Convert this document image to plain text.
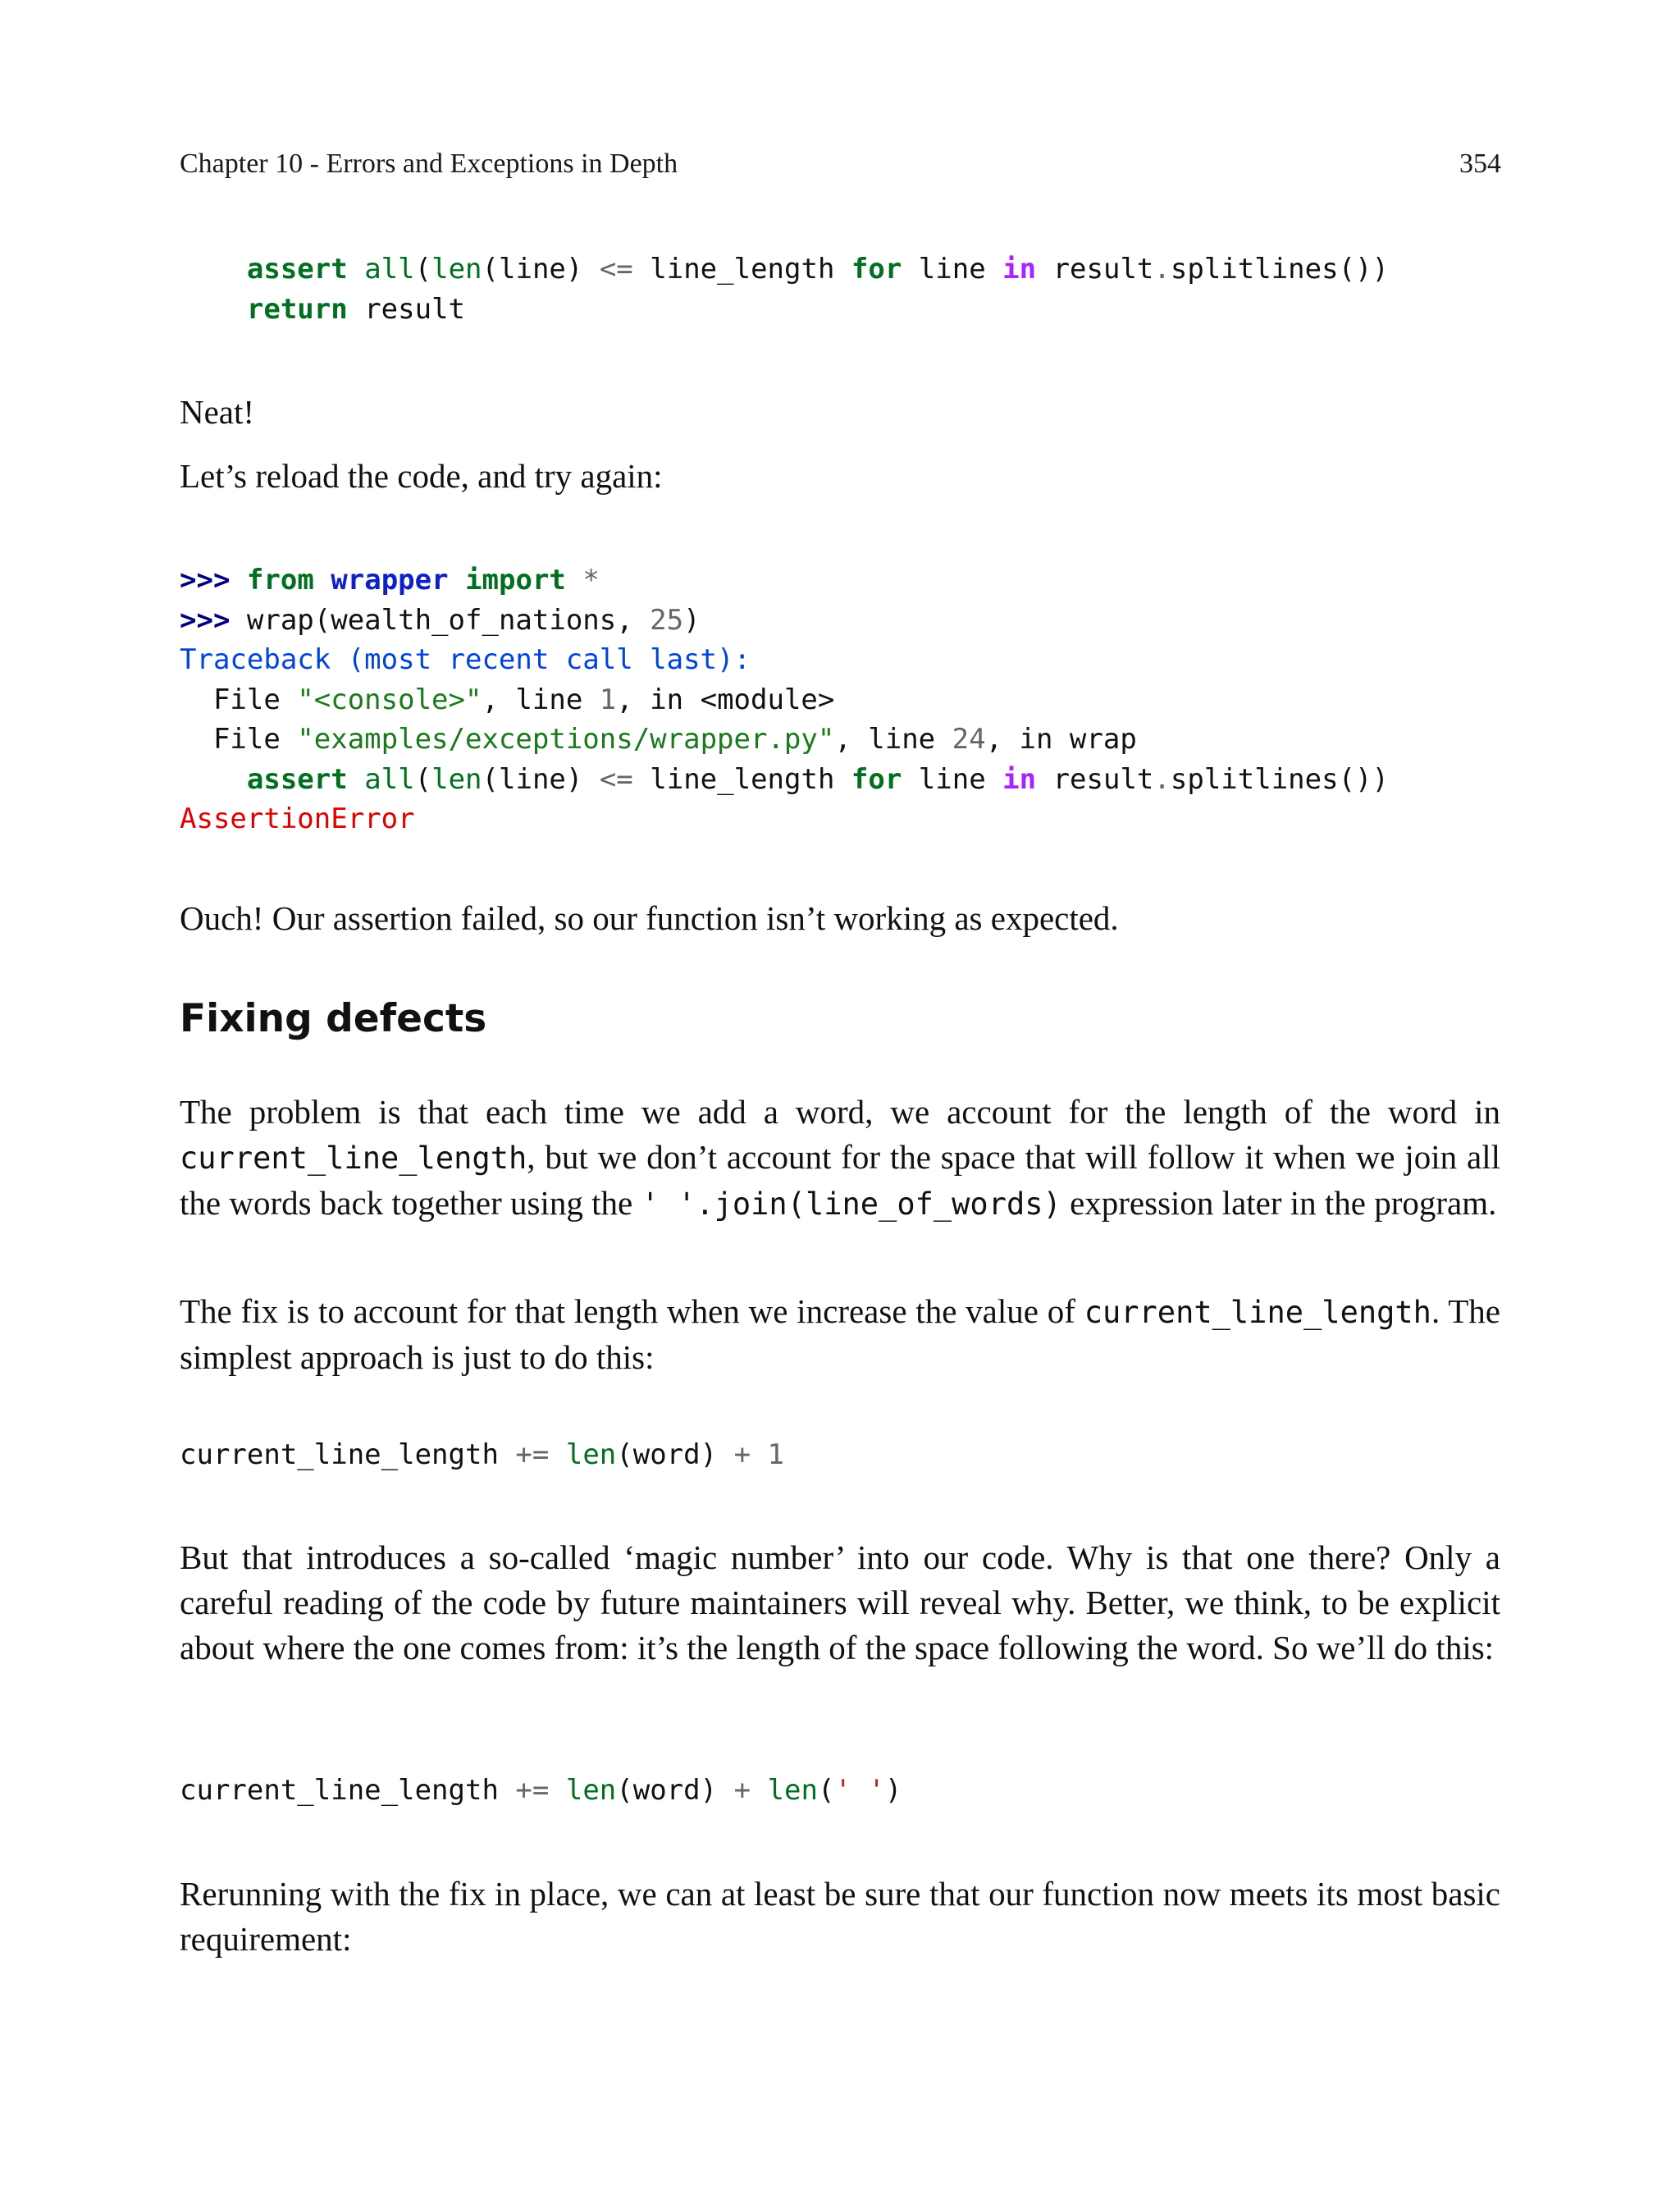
Chapter 10 - Errors and Exceptions in Depth	354
assert all(len(line) <= line_length for line in result.splitlines())
return result

Neat!

Let’s reload the code, and try again:

>>> from wrapper import *
>>> wrap(wealth_of_nations, 25)
Traceback (most recent call last):
File "<console>", line 1, in <module>
File "examples/exceptions/wrapper.py", line 24, in wrap
assert all(len(line) <= line_length for line in result.splitlines())
AssertionError

Ouch! Our assertion failed, so our function isn’t working as expected.

Fixing defects

The problem is that each time we add a word, we account for the length of the word in current_line_length, but we don’t account for the space that will follow it when we join all the words back together using the ' '.join(line_of_words) expression later in the program.

The fix is to account for that length when we increase the value of current_line_length. The simplest approach is just to do this:

current_line_length += len(word) + 1

But that introduces a so-called ‘magic number’ into our code. Why is that one there? Only a careful reading of the code by future maintainers will reveal why. Better, we think, to be explicit about where the one comes from: it’s the length of the space following the word. So we’ll do this:

current_line_length += len(word) + len(' ')

Rerunning with the fix in place, we can at least be sure that our function now meets its most basic requirement:
